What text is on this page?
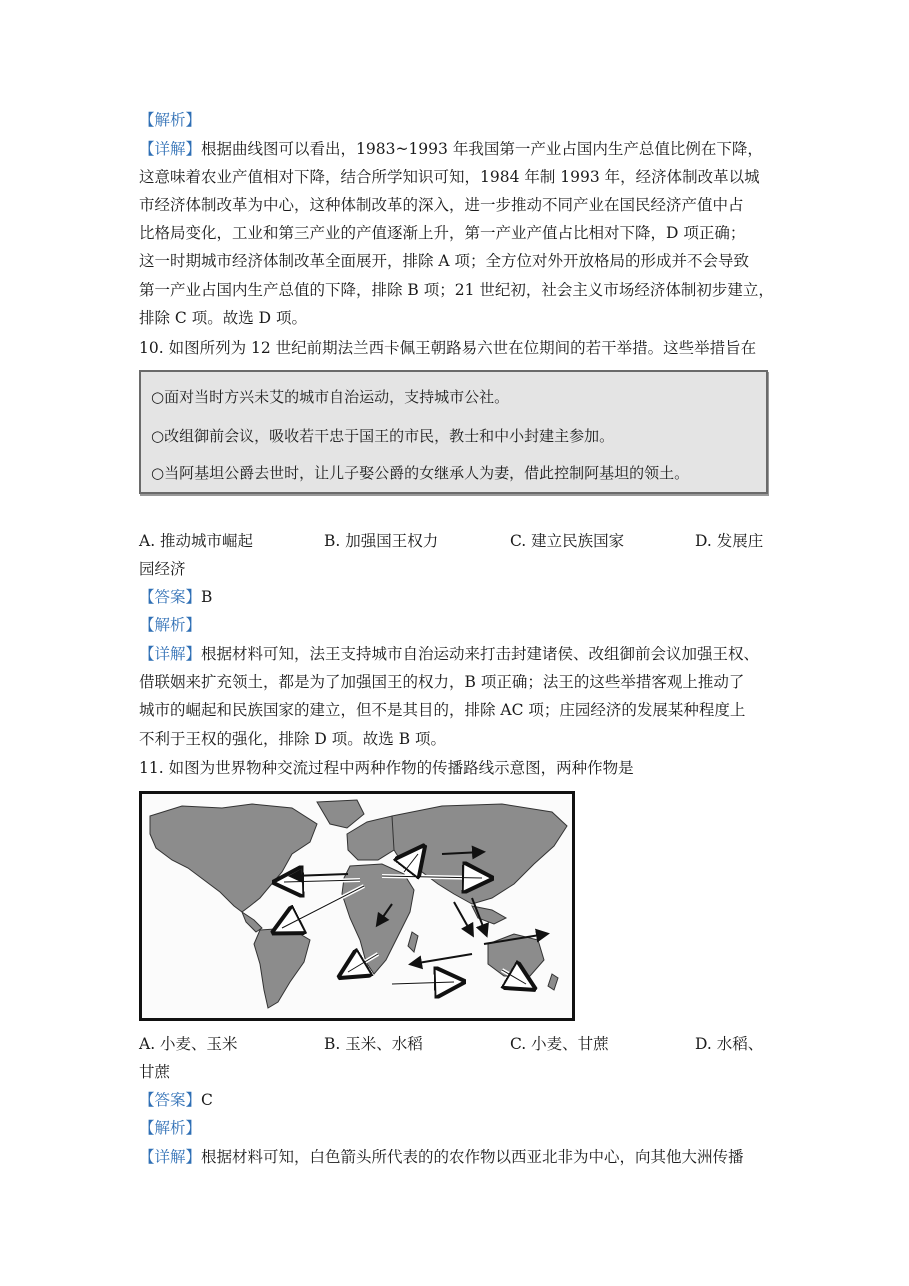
【解析】
【详解】根据曲线图可以看出，1983~1993 年我国第一产业占国内生产总值比例在下降，
这意味着农业产值相对下降，结合所学知识可知，1984 年制 1993 年，经济体制改革以城
市经济体制改革为中心，这种体制改革的深入，进一步推动不同产业在国民经济产值中占
比格局变化，工业和第三产业的产值逐渐上升，第一产业产值占比相对下降，D 项正确；
这一时期城市经济体制改革全面展开，排除 A 项；全方位对外开放格局的形成并不会导致
第一产业占国内生产总值的下降，排除 B 项；21 世纪初，社会主义市场经济体制初步建立，
排除 C 项。故选 D 项。
10. 如图所列为 12 世纪前期法兰西卡佩王朝路易六世在位期间的若干举措。这些举措旨在
○面对当时方兴未艾的城市自治运动，支持城市公社。
○改组御前会议，吸收若干忠于国王的市民，教士和中小封建主参加。
○当阿基坦公爵去世时，让儿子娶公爵的女继承人为妻，借此控制阿基坦的领土。
A. 推动城市崛起	B. 加强国王权力	C. 建立民族国家	D. 发展庄
园经济
【答案】B
【解析】
【详解】根据材料可知，法王支持城市自治运动来打击封建诸侯、改组御前会议加强王权、
借联姻来扩充领土，都是为了加强国王的权力，B 项正确；法王的这些举措客观上推动了
城市的崛起和民族国家的建立，但不是其目的，排除 AC 项；庄园经济的发展某种程度上
不利于王权的强化，排除 D 项。故选 B 项。
11. 如图为世界物种交流过程中两种作物的传播路线示意图，两种作物是
A. 小麦、玉米	B. 玉米、水稻	C. 小麦、甘蔗	D. 水稻、
甘蔗
【答案】C
【解析】
【详解】根据材料可知，白色箭头所代表的的农作物以西亚北非为中心，向其他大洲传播
